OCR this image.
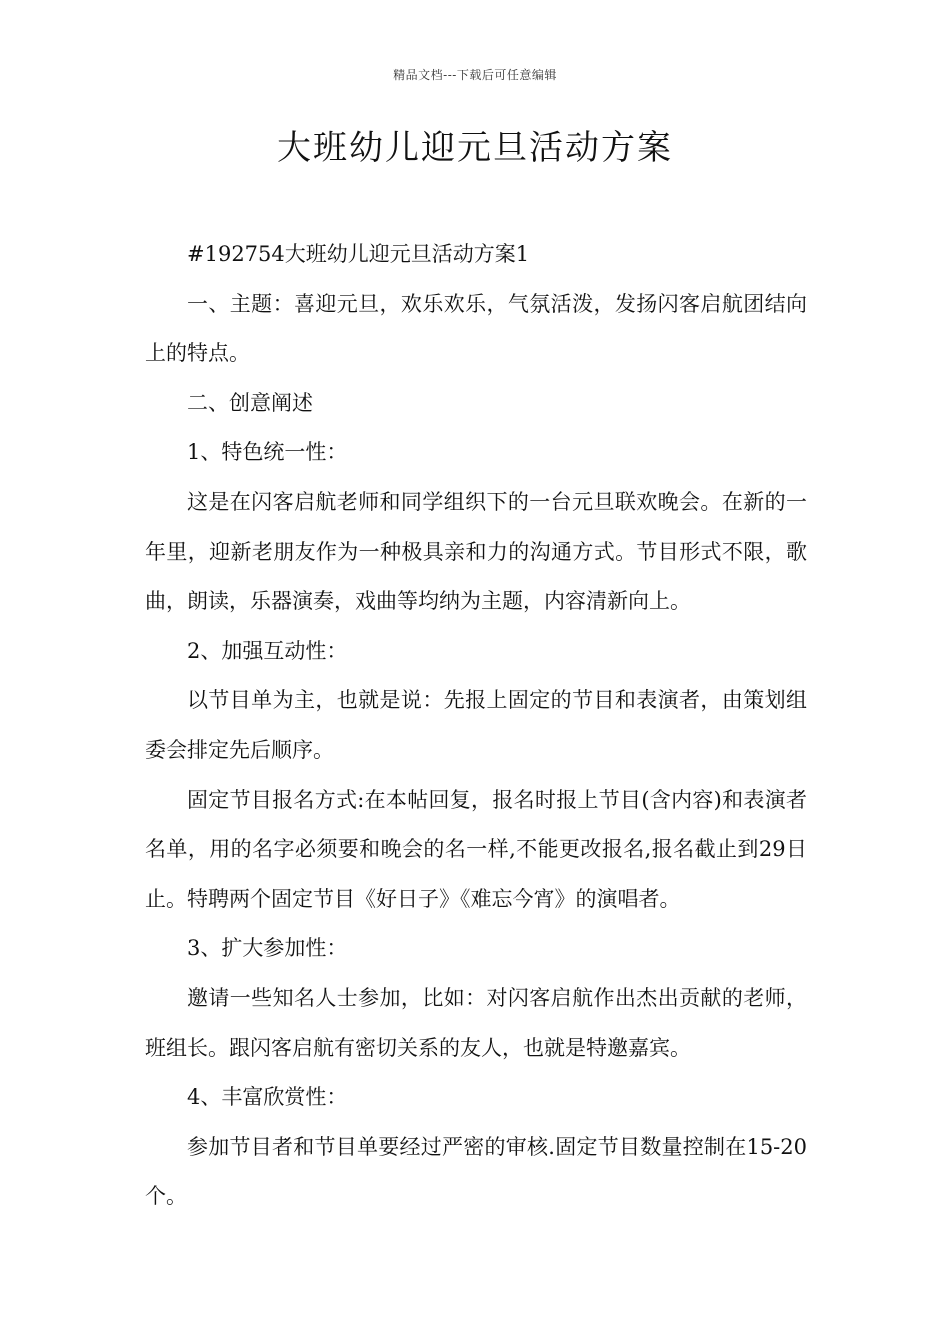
精品文档---下载后可任意编辑
大班幼儿迎元旦活动方案

#192754大班幼儿迎元旦活动方案1

一、主题：喜迎元旦，欢乐欢乐，气氛活泼，发扬闪客启航团结向上的特点。

二、创意阐述

1、特色统一性：

这是在闪客启航老师和同学组织下的一台元旦联欢晚会。在新的一年里，迎新老朋友作为一种极具亲和力的沟通方式。节目形式不限，歌曲，朗读，乐器演奏，戏曲等均纳为主题，内容清新向上。

2、加强互动性：

以节目单为主，也就是说：先报上固定的节目和表演者，由策划组委会排定先后顺序。

固定节目报名方式:在本帖回复，报名时报上节目(含内容)和表演者名单，用的名字必须要和晚会的名一样,不能更改报名,报名截止到29日止。特聘两个固定节目《好日子》《难忘今宵》的演唱者。

3、扩大参加性：

邀请一些知名人士参加，比如：对闪客启航作出杰出贡献的老师，班组长。跟闪客启航有密切关系的友人，也就是特邀嘉宾。

4、丰富欣赏性：

参加节目者和节目单要经过严密的审核.固定节目数量控制在15-20个。
